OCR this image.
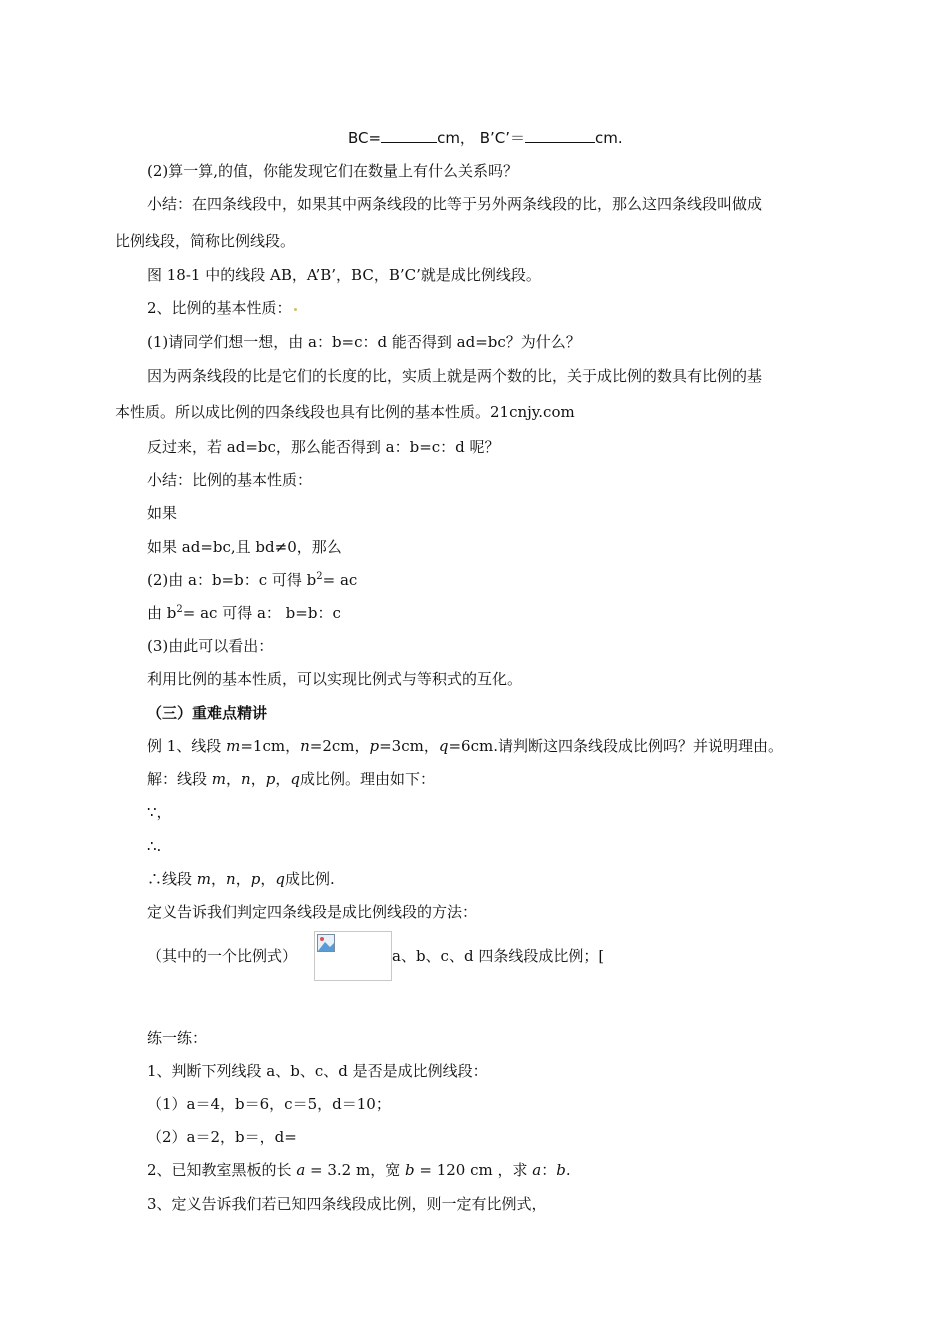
BC=	cm， B’C’＝	cm.
(2)算一算,的值，你能发现它们在数量上有什么关系吗？
小结：在四条线段中，如果其中两条线段的比等于另外两条线段的比，那么这四条线段叫做成
比例线段，简称比例线段。
图 18-1 中的线段 AB，A’B’，BC，B’C’就是成比例线段。
2、比例的基本性质：
(1)请同学们想一想，由 a：b=c：d 能否得到 ad=bc？为什么？
因为两条线段的比是它们的长度的比，实质上就是两个数的比，关于成比例的数具有比例的基
本性质。所以成比例的四条线段也具有比例的基本性质。21cnjy.com
反过来，若 ad=bc，那么能否得到 a：b=c：d 呢？
小结：比例的基本性质：
如果
如果 ad=bc,且 bd≠0，那么
(2)由 a：b=b：c 可得 $b^2=$ ac
由 $b^2=$ ac 可得 a： b=b：c
(3)由此可以看出：
利用比例的基本性质，可以实现比例式与等积式的互化。
（三）重难点精讲
例 1、线段 m=1cm，n=2cm，p=3cm，q=6cm.请判断这四条线段成比例吗？并说明理由。
解：线段 m，n，p，q成比例。理由如下：
∵，
∴.
∴线段 m，n，p，q成比例.
定义告诉我们判定四条线段是成比例线段的方法：
（其中的一个比例式）	a、b、c、d 四条线段成比例；[
练一练：
1、判断下列线段 a、b、c、d 是否是成比例线段：
（1）a＝4，b＝6，c＝5，d＝10；
（2）a＝2，b＝，d=
2、已知教室黑板的长 a = 3.2 m，宽 b = 120 cm ，求 a：b.
3、定义告诉我们若已知四条线段成比例，则一定有比例式，
